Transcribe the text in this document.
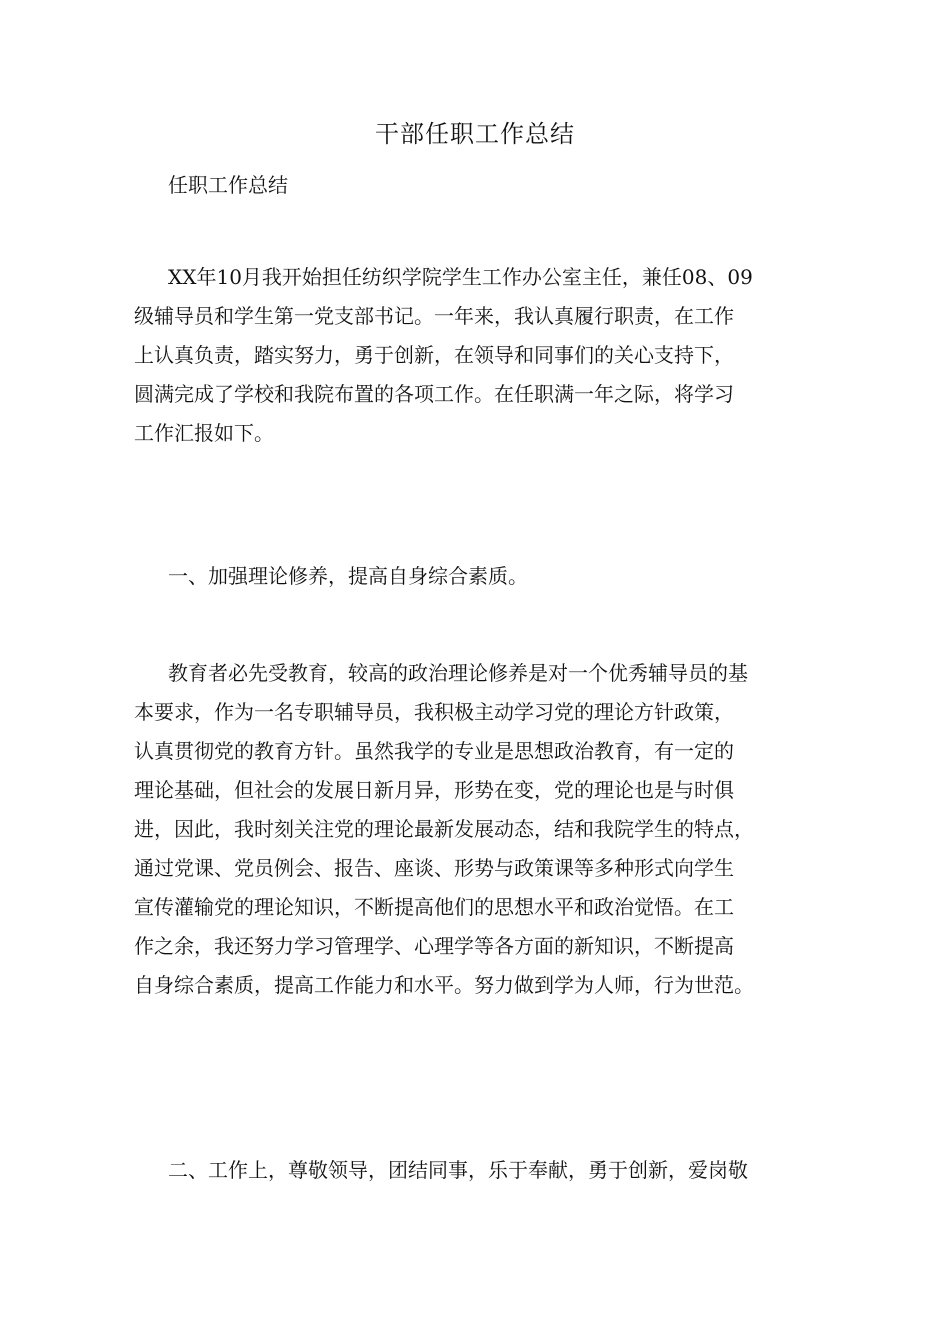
干部任职工作总结
任职工作总结
XX年10月我开始担任纺织学院学生工作办公室主任，兼任08、09
级辅导员和学生第一党支部书记。一年来，我认真履行职责，在工作
上认真负责，踏实努力，勇于创新，在领导和同事们的关心支持下，
圆满完成了学校和我院布置的各项工作。在任职满一年之际，将学习
工作汇报如下。
一、加强理论修养，提高自身综合素质。
教育者必先受教育，较高的政治理论修养是对一个优秀辅导员的基
本要求，作为一名专职辅导员，我积极主动学习党的理论方针政策，
认真贯彻党的教育方针。虽然我学的专业是思想政治教育，有一定的
理论基础，但社会的发展日新月异，形势在变，党的理论也是与时俱
进，因此，我时刻关注党的理论最新发展动态，结和我院学生的特点，
通过党课、党员例会、报告、座谈、形势与政策课等多种形式向学生
宣传灌输党的理论知识，不断提高他们的思想水平和政治觉悟。在工
作之余，我还努力学习管理学、心理学等各方面的新知识，不断提高
自身综合素质，提高工作能力和水平。努力做到学为人师，行为世范。
二、工作上，尊敬领导，团结同事，乐于奉献，勇于创新，爱岗敬
